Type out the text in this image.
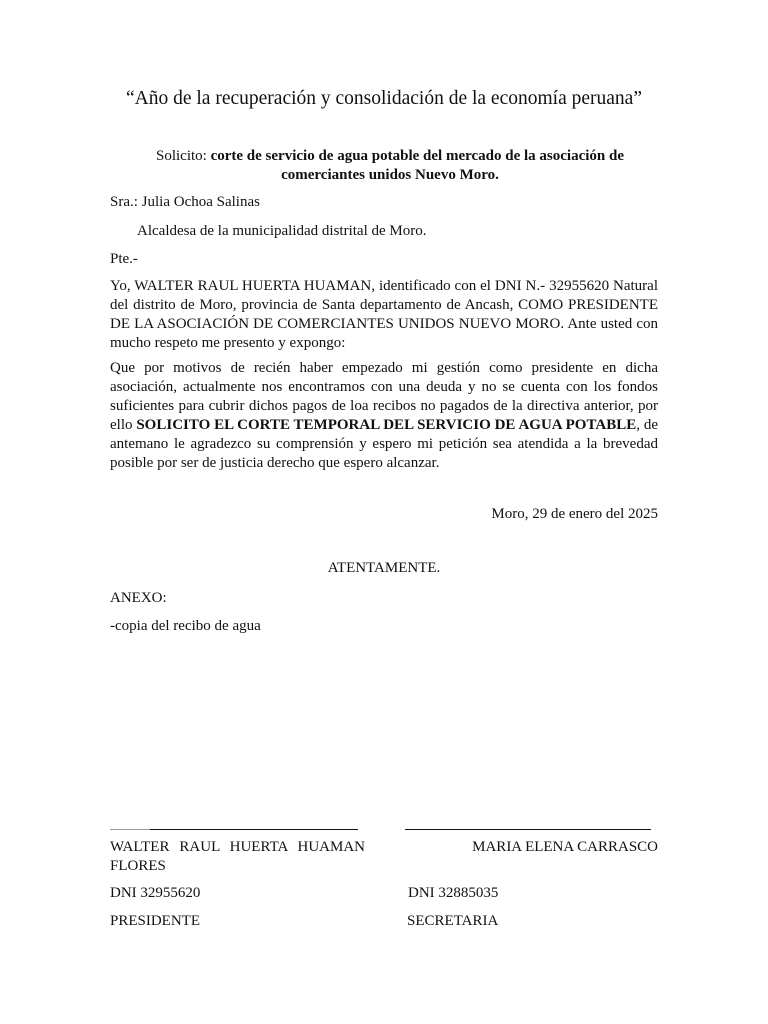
“Año de la recuperación y consolidación de la economía peruana”
Solicito: corte de servicio de agua potable del mercado de la asociación de comerciantes unidos Nuevo Moro.
Sra.: Julia Ochoa Salinas
Alcaldesa de la municipalidad distrital de Moro.
Pte.-
Yo, WALTER RAUL HUERTA HUAMAN, identificado con el DNI N.- 32955620 Natural del distrito de Moro, provincia de Santa departamento de Ancash, COMO PRESIDENTE DE LA ASOCIACIÓN DE COMERCIANTES UNIDOS NUEVO MORO. Ante usted con mucho respeto me presento y expongo:
Que por motivos de recién haber empezado mi gestión como presidente en dicha asociación, actualmente nos encontramos con una deuda y no se cuenta con los fondos suficientes para cubrir dichos pagos de loa recibos no pagados de la directiva anterior, por ello SOLICITO EL CORTE TEMPORAL DEL SERVICIO DE AGUA POTABLE, de antemano le agradezco su comprensión y espero mi petición sea atendida a la brevedad posible por ser de justicia derecho que espero alcanzar.
Moro, 29 de enero del 2025
ATENTAMENTE.
ANEXO:
-copia del recibo de agua
WALTER RAUL HUERTA HUAMAN FLORES
MARIA ELENA CARRASCO
DNI 32955620	DNI 32885035
PRESIDENTE	SECRETARIA
